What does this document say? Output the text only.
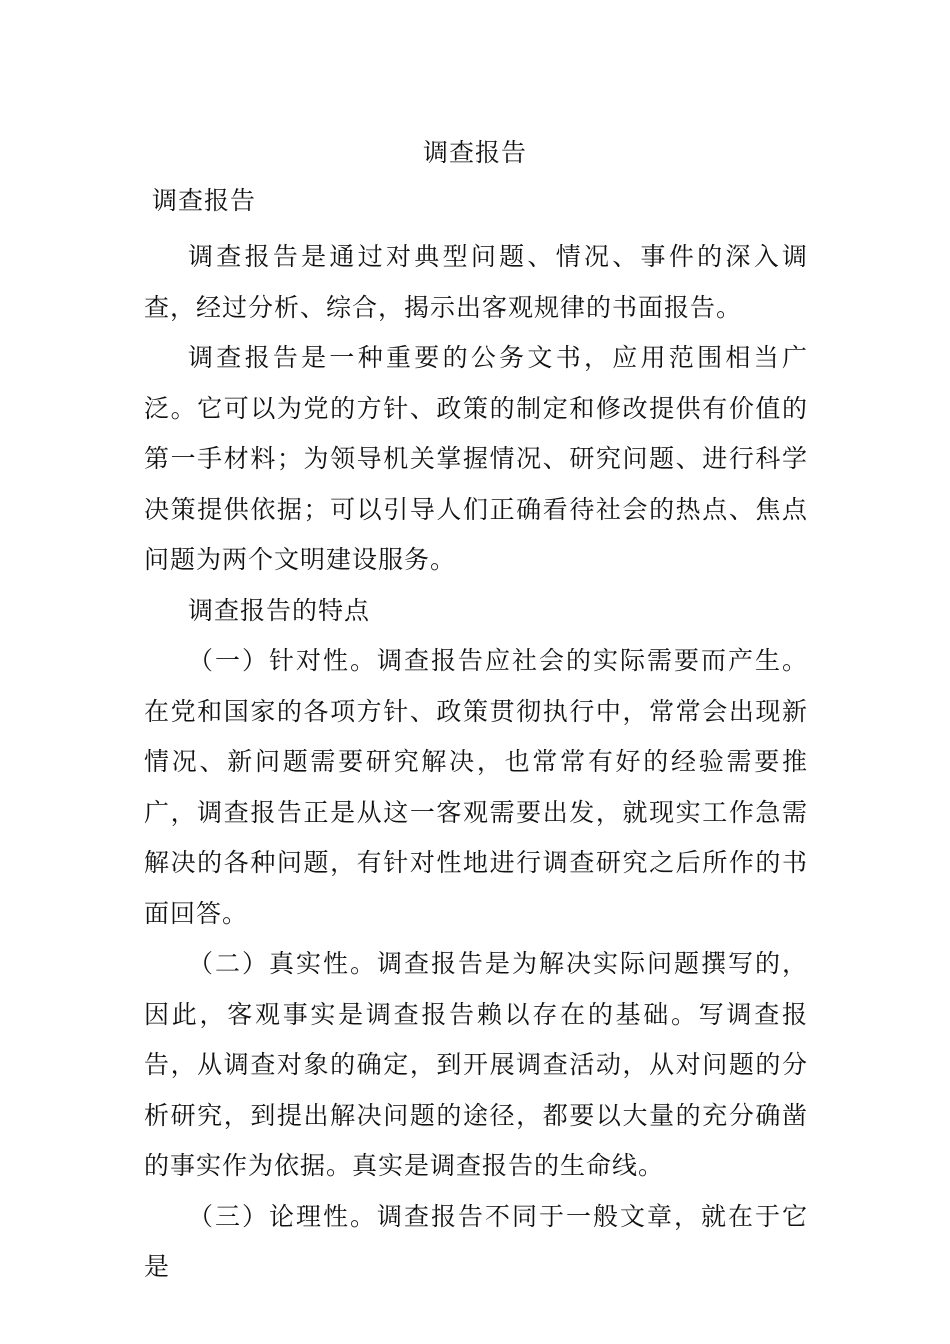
调查报告
调查报告

调查报告是通过对典型问题、情况、事件的深入调查，经过分析、综合，揭示出客观规律的书面报告。

调查报告是一种重要的公务文书，应用范围相当广泛。它可以为党的方针、政策的制定和修改提供有价值的第一手材料；为领导机关掌握情况、研究问题、进行科学决策提供依据；可以引导人们正确看待社会的热点、焦点问题为两个文明建设服务。

调查报告的特点

（一）针对性。调查报告应社会的实际需要而产生。在党和国家的各项方针、政策贯彻执行中，常常会出现新情况、新问题需要研究解决，也常常有好的经验需要推广，调查报告正是从这一客观需要出发，就现实工作急需解决的各种问题，有针对性地进行调查研究之后所作的书面回答。

（二）真实性。调查报告是为解决实际问题撰写的，因此，客观事实是调查报告赖以存在的基础。写调查报告，从调查对象的确定，到开展调查活动，从对问题的分析研究，到提出解决问题的途径，都要以大量的充分确凿的事实作为依据。真实是调查报告的生命线。

（三）论理性。调查报告不同于一般文章，就在于它是
